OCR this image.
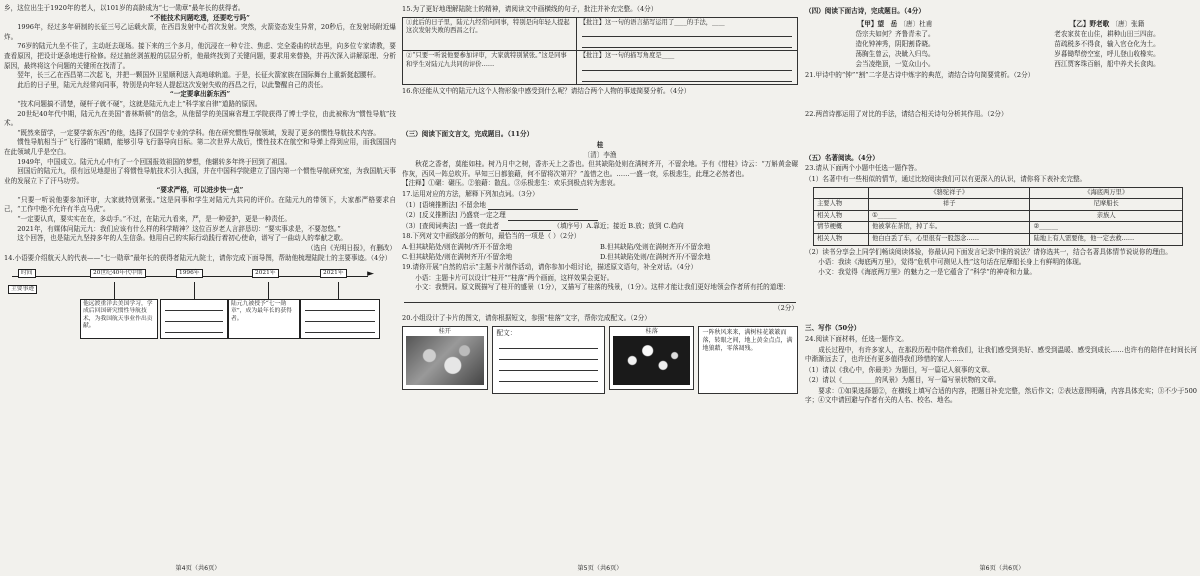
乡，这位出生于1920年的老人，以101岁的高龄成为“七一勋章”最年长的获得者。

“不能技术问题吃透，还要吃亏吗”

1996年，经过多年研制的长征三号乙运载火箭，在西昌发射中心首次发射。突然，火箭姿态发生异常，20秒后，在发射场附近爆炸。

76岁的陆元九坐不住了，主动赶去现场。接下来的三个多月，他沉浸在一种专注、焦虑、完全委曲的状态里，向多位专家请教，要查看原因，把设计逐条地进行检修。经过抽丝剥茧般的层层分析，他最终找到了关键问题，要求用来替换，并再次深入讲解原理、分析原因，最终将这个问题的关键所在找清了。

翌年，长三乙在西昌第二次起飞，并把一颗国外卫星顺利送入高地球轨道。于是，长征火箭家族在国际舞台上重新挺起腰杆。

此后的日子里，陆元九经常向同事，特别是向年轻人提起这次发射失败的西昌之行，以此警醒自己的责任。

“一定要拿出新东西”

“技术问题搞不清楚，硬杆子就不硬”，这就是陆元九走上“科学家自律”道路的原因。

20世纪40年代中期，陆元九在美国“普林斯顿”的信念，从他留学的美国麻省理工学院获得了博士学位，由此被称为“惯性导航”技术。

“既然来留学，一定要学新东西”的他，选择了仅国学专业的学科。他在研究惯性导航领域，发现了更多的惯性导航技术内容。

惯性导航相当于“飞行器的”眼睛，能够引导飞行器导向目标。第二次世界大战后，惯性技术在航空和导弹上得到应用，而我国国内在此领域几乎是空白。

1949年，中国成立。陆元九心中有了一个回国报效祖国的梦想，他辗转多年终于回到了祖国。

回国后的陆元九，很有远见地提出了将惯性导航技术引入我国，并在中国科学院建立了国内第一个惯性导航研究室，为我国航天事业的发展立下了汗马功劳。

“要求严格，可以进步快一点”

“只要一听说他要参加评审，大家就特别紧张。”这是同事和学生对陆元九共同的评价。在陆元九的带领下，大家都严格要求自己，“工作中绝不允许有半点马虎”。

“一定要认真，要实实在在，多动手。”不过，在陆元九看来，严，是一种爱护，更是一种责任。

2021年，有媒体问陆元九：我们应该有什么样的科学精神？这位百岁老人言辞恳切：“要实事求是，不要忽悠。”

这个回答，也是陆元九坚持多年的人生信条。他用自己的实际行动践行着初心使命，谱写了一曲动人的奉献之歌。

（选自《光明日报》，有删改）

14.小语要介绍航天人的代表——“七一勋章”最年长的获得者陆元九院士，请你完成下面导图，帮助他梳理陆院士的主要事迹。（4分）

►
时间	20世纪40年代中期	1996年	2021年	2021年
主要事迹
他远渡重洋去美国学习，学成后回国研究惯性导航技术，为我国航天事业作出贡献。
陆元九被授予“七一勋章”，成为最年长的获得者。
第4页（共6页）

15.为了更好地理解陆院士的精神，请阅读文中画横线的句子，批注并补充完整。（4分）

①此后的日子里，陆元九经常向同事，特别是向年轻人提起这次发射失败的西昌之行。	【批注】这一句的语言描写运用了____的手法，____

②“只要一听说他要参加评审，大家就特别紧张。”这是同事和学生对陆元九共同的评价……	【批注】这一句的描写角度是____

16.你还能从文中的陆元九这个人物形象中感受到什么呢？请结合两个人物的事迹简要分析。（4分）

（三）阅读下面文言文，完成题目。（11分）

桂

〔清〕李渔

秋花之香者，莫能如桂。树乃月中之树，香亦天上之香也。但其缺陷处则在满树齐开，不留余地。予有《惜桂》诗云：“万斛黄金碾作灰，西风一阵总吹开。早知三日都狼藉，何不留将次第开？”盖惜之也。……一盛一衰，乐极悲生，此理之必然者也。

【注释】①碾：碾压。②狼藉：散乱。③乐极悲生：欢乐到极点转为悲哀。

17.运用对应的方法，解释下列加点词。（3分）

（1）[语境推断法] 不留余地

（2）[反义推断法] 乃盛衰一定之理

（3）[查阅词典法] 一盛一衰此者	（填序号）A.靠近；接近 B.放；放到 C.趋向

18.下列对文中画线部分的断句，最恰当的一项是（ ）（2分）

A.但其缺陷处/则在满树/齐开不留余地	B.但其缺陷/处则在满树齐开/不留余地
C.但其缺陷处/则在满树齐开/不留余地	D.但其缺陷处则/在满树齐开/不留余地

19.请你开展“自然的启示”主题卡片制作活动，请你参加小组讨论，描述原文语句，补全对话。（4分）

小语：主题卡片可以设计“桂开”“桂落”两个画面，这样效果会更好。

小文：我赞同。原文既描写了桂开的盛景（1分），又描写了桂落的残景，（1分）。这样才能让我们更好地领会作者所有托的道理：

（2分）

20.小组设计了卡片的图文，请你根据短文，参照“桂落”文字，帮你完成配文。（2分）

桂开	配文：	桂落	一阵秋风来来，满树桂花簌簌而落，转眼之间，地上黄金点点，满地狼藉，零落凋残。
第5页（共6页）

（四）阅读下面古诗，完成题目。（4分）

【甲】望　岳 〔唐〕杜甫
岱宗夫如何？齐鲁青未了。
造化钟神秀，阴阳割昏晓。
荡胸生曾云，决眦入归鸟。
会当凌绝顶，一览众山小。
【乙】野老歌 〔唐〕张籍
老农家贫在山住，耕种山田三四亩。
苗疏税多不得食，输入官仓化为土。
岁暮锄犁傍空室，呼儿登山收橡实。
西江贾客珠百斛，船中养犬长食肉。

21.甲诗中的“钟”“割”二字是古诗中炼字的典范，请结合诗句简要赏析。（2分）

22.两首诗都运用了对比的手法，请结合相关诗句分析其作用。（2分）

（五）名著阅读。（4分）

23.请从下面两个小题中任选一题作答。

（1）名著中有一些相似的情节，通过比较阅读我们可以有更深入的认识，请你将下表补充完整。

	《骆驼祥子》	《海底两万里》
主要人物	祥子	尼摩船长
相关人物	①______	亲族人
情节梗概	他被掌在茶馆，掉了车。	②______
相关人物	他白白丢了车，心里很有一股怨念……	陆地上有人需要他，他一定去救……

（2）读书分享会上同学们畅谈阅读体验，你最认同下面发言记录中谁的说法？请你选其一，结合名著具体情节说说你的理由。

小语：我读《海底两万里》，觉得“危机中可测见人性”这句话在尼摩船长身上有鲜明的体现。

小文：我觉得《海底两万里》的魅力之一是它蕴含了“科学”的神奇和力量。

三、写作（50分）

24.阅读下面材料，任选一题作文。

成长过程中，有许多家人，在那段历程中陪伴着我们，让我们感受到美好、感受到温暖、感受到成长……也许有的陪伴在时间长河中渐渐远去了，也许还有更多值得我们珍惜的家人……

（1）请以《我心中，你最美》为题目，写一篇记人叙事的文章。

（2）请以《__________的风景》为题目，写一篇写景状物的文章。

要求：①如果选择题②，在横线上填写合适的内容，把题目补充完整，然后作文；②表达意图明确，内容具体充实；③不少于500字；④文中请回避与作者有关的人名、校名、地名。

第6页（共6页）
